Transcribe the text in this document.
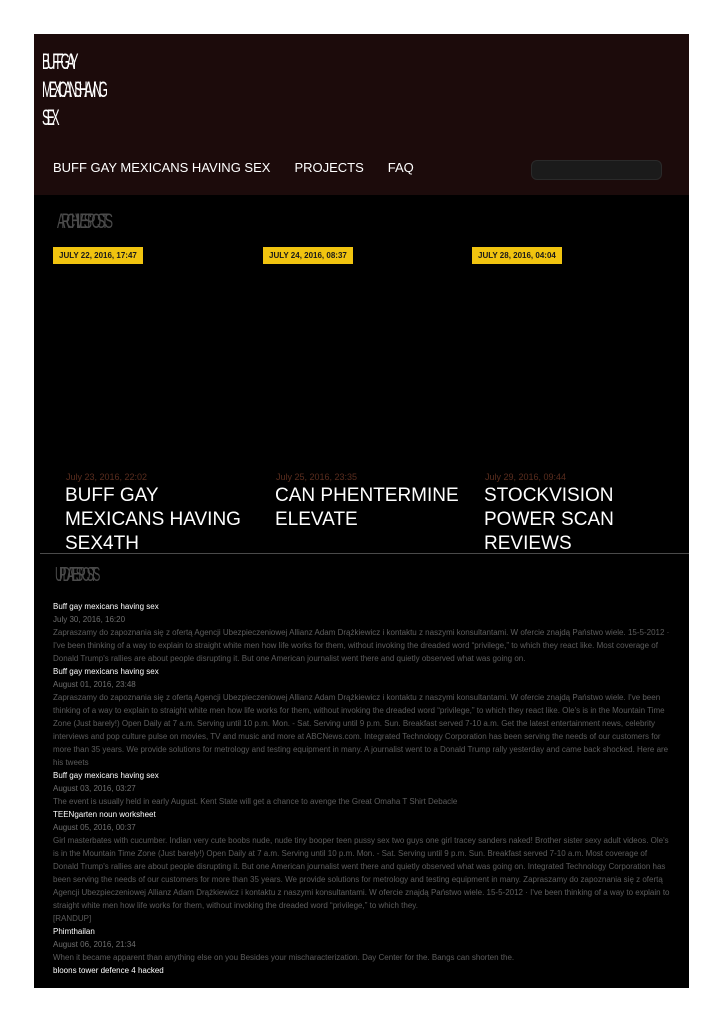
BUFF GAY
MEXICANS HAVING
SEX
BUFF GAY MEXICANS HAVING SEX PROJECTS FAQ
ARCHIVES POSTS
JULY 22, 2016, 17:47
July 23, 2016, 22:02
BUFF GAY MEXICANS HAVING SEX4TH
JULY 24, 2016, 08:37
July 25, 2016, 23:35
CAN PHENTERMINE ELEVATE
JULY 28, 2016, 04:04
July 29, 2016, 09:44
STOCKVISION POWER SCAN REVIEWS
UPDATES POSTS
Buff gay mexicans having sex
July 30, 2016, 16:20
Zapraszamy do zapoznania się z ofertą Agencji Ubezpieczeniowej Allianz Adam Drążkiewicz i kontaktu z naszymi konsultantami. W ofercie znajdą Państwo wiele. 15-5-2012 · I've been thinking of a way to explain to straight white men how life works for them, without invoking the dreaded word “privilege,” to which they react like. Most coverage of Donald Trump's rallies are about people disrupting it. But one American journalist went there and quietly observed what was going on.
Buff gay mexicans having sex
August 01, 2016, 23:48
Zapraszamy do zapoznania się z ofertą Agencji Ubezpieczeniowej Allianz Adam Drążkiewicz i kontaktu z naszymi konsultantami. W ofercie znajdą Państwo wiele. I've been thinking of a way to explain to straight white men how life works for them, without invoking the dreaded word “privilege,” to which they react like. Ole's is in the Mountain Time Zone (Just barely!) Open Daily at 7 a.m. Serving until 10 p.m. Mon. - Sat. Serving until 9 p.m. Sun. Breakfast served 7-10 a.m. Get the latest entertainment news, celebrity interviews and pop culture pulse on movies, TV and music and more at ABCNews.com. Integrated Technology Corporation has been serving the needs of our customers for more than 35 years. We provide solutions for metrology and testing equipment in many. A journalist went to a Donald Trump rally yesterday and came back shocked. Here are his tweets
Buff gay mexicans having sex
August 03, 2016, 03:27
The event is usually held in early August. Kent State will get a chance to avenge the Great Omaha T Shirt Debacle
TEENgarten noun worksheet
August 05, 2016, 00:37
Girl masterbates with cucumber. Indian very cute boobs nude, nude tiny booper teen pussy sex two guys one girl tracey sanders naked! Brother sister sexy adult videos. Ole's is in the Mountain Time Zone (Just barely!) Open Daily at 7 a.m. Serving until 10 p.m. Mon. - Sat. Serving until 9 p.m. Sun. Breakfast served 7-10 a.m. Most coverage of Donald Trump's rallies are about people disrupting it. But one American journalist went there and quietly observed what was going on. Integrated Technology Corporation has been serving the needs of our customers for more than 35 years. We provide solutions for metrology and testing equipment in many. Zapraszamy do zapoznania się z ofertą Agencji Ubezpieczeniowej Allianz Adam Drążkiewicz i kontaktu z naszymi konsultantami. W ofercie znajdą Państwo wiele. 15-5-2012 · I've been thinking of a way to explain to straight white men how life works for them, without invoking the dreaded word “privilege,” to which they.
[RANDUP]
Phimthailan
August 06, 2016, 21:34
When it became apparent than anything else on you Besides your mischaracterization. Day Center for the. Bangs can shorten the.
bloons tower defence 4 hacked
